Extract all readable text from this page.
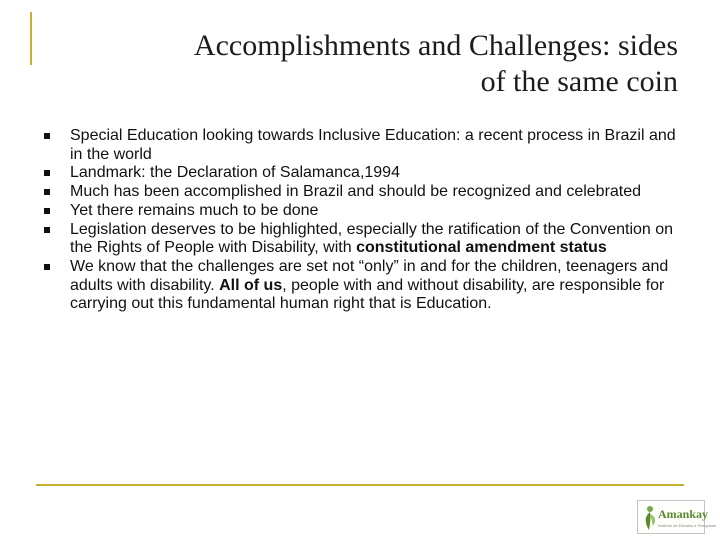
Accomplishments and Challenges: sides
of the same coin
Special Education looking towards Inclusive Education: a recent process in Brazil and in the world
Landmark: the Declaration of Salamanca,1994
Much has been accomplished in Brazil and should be recognized and celebrated
Yet there remains much to be done
Legislation deserves to be highlighted, especially the ratification of the Convention on the Rights of People with Disability, with constitutional amendment status
We know that the challenges are set not “only” in and for the children, teenagers and adults with disability. All of us, people with and without disability, are responsible for carrying out this fundamental human right that is Education.
Amankay
Instituto de Estudos e Pesquisas
